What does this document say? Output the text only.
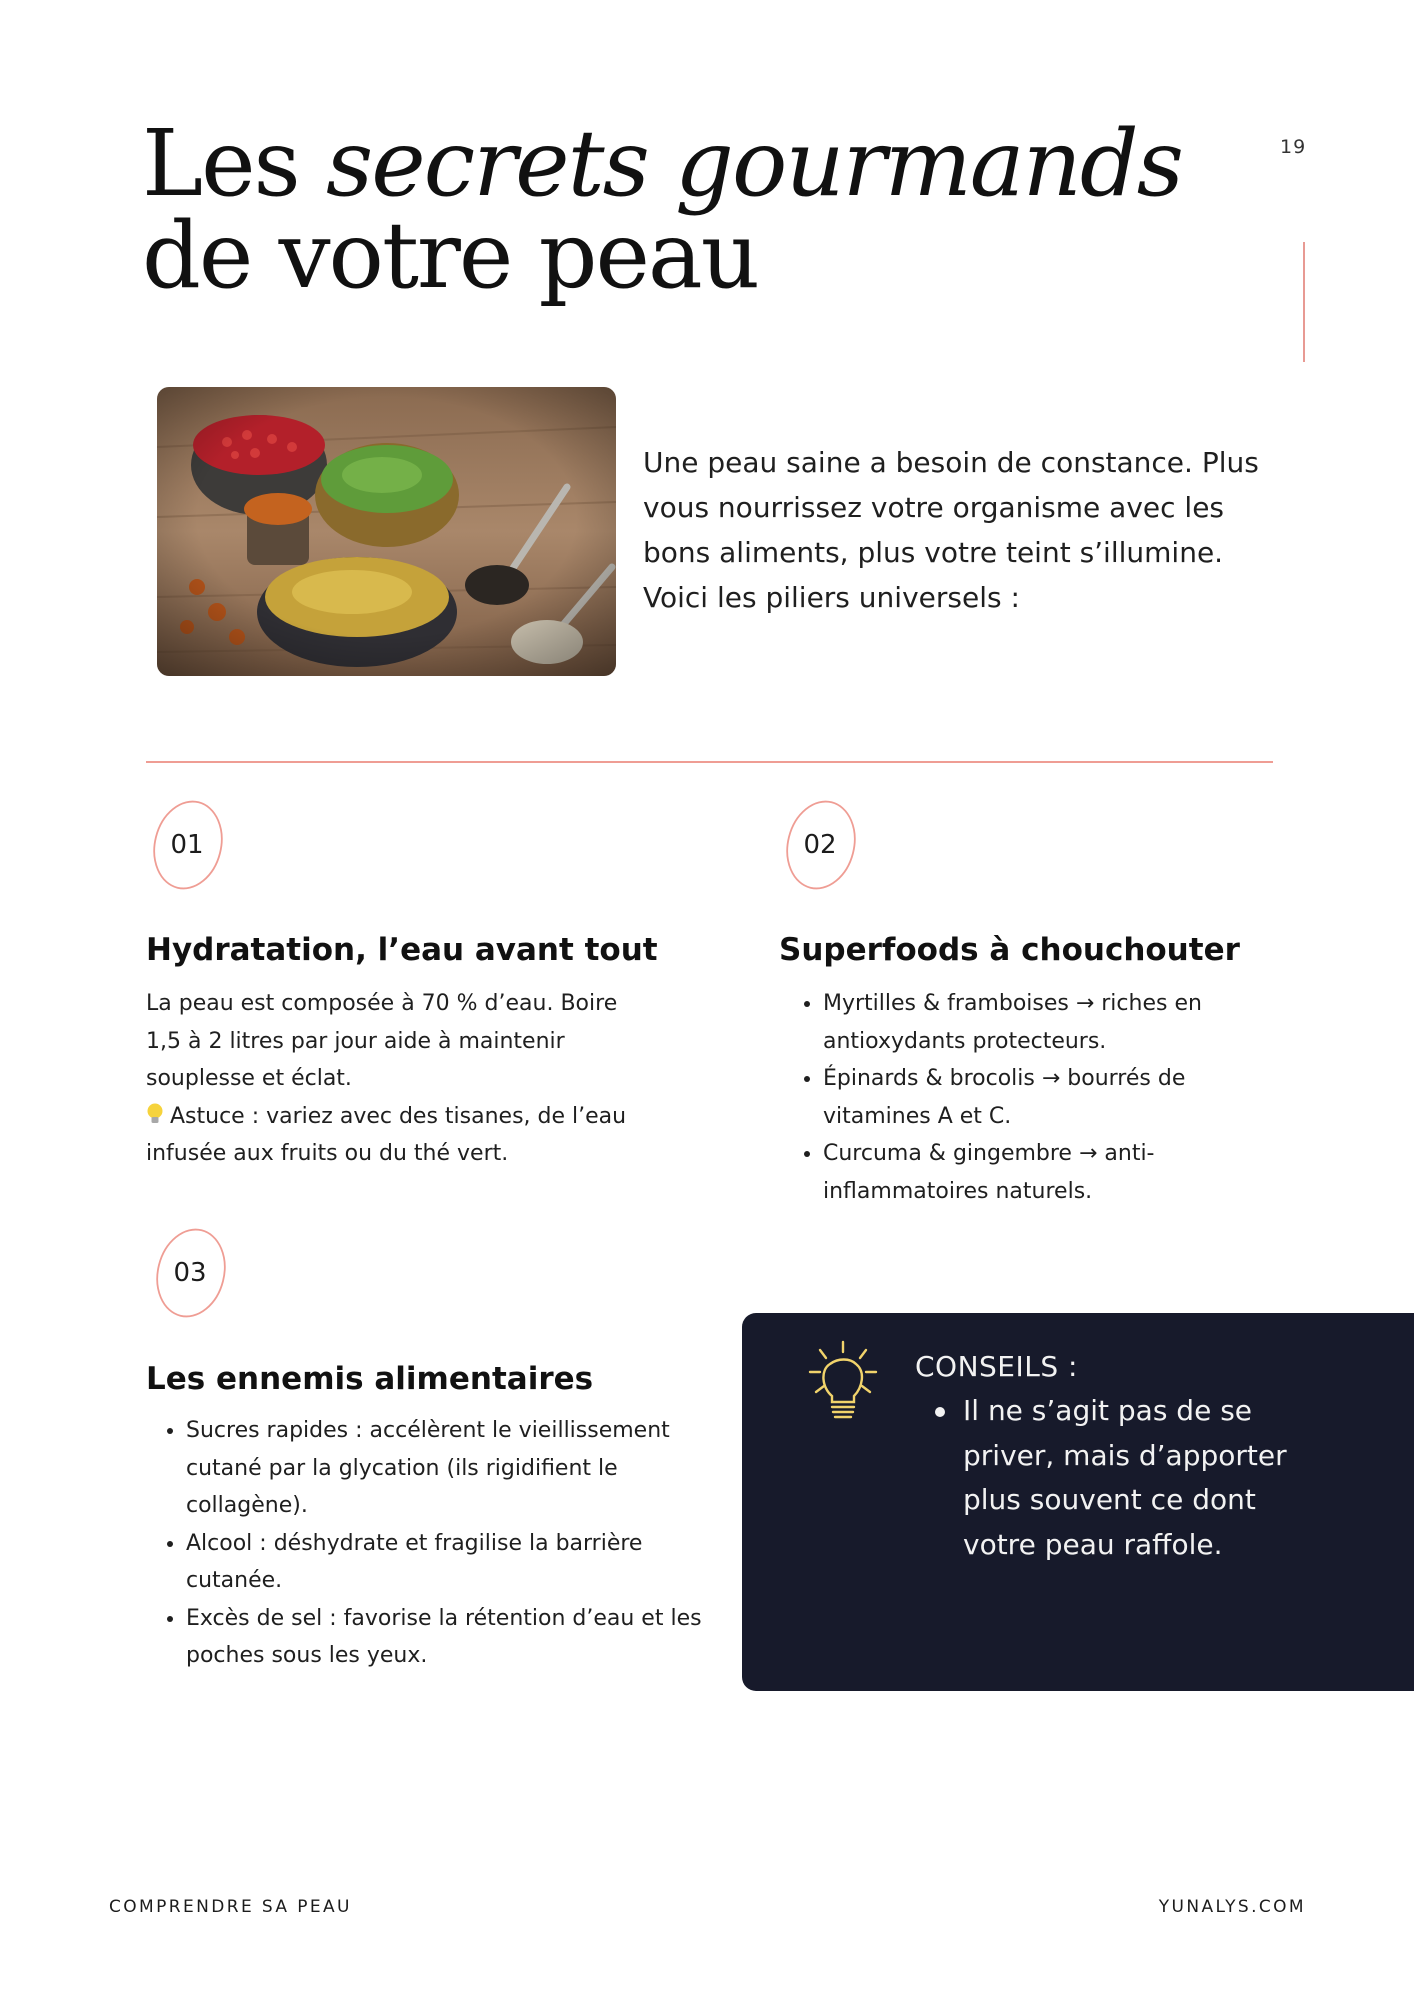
Les secrets gourmands
de votre peau
19
Une peau saine a besoin de constance. Plus vous nourrissez votre organisme avec les bons aliments, plus votre teint s’illumine. Voici les piliers universels :
01
Hydratation, l’eau avant tout
La peau est composée à 70 % d’eau. Boire 1,5 à 2 litres par jour aide à maintenir souplesse et éclat.
Astuce : variez avec des tisanes, de l’eau infusée aux fruits ou du thé vert.
02
Superfoods à chouchouter
• Myrtilles & framboises → riches en antioxydants protecteurs.
• Épinards & brocolis → bourrés de vitamines A et C.
• Curcuma & gingembre → anti-inflammatoires naturels.
03
Les ennemis alimentaires
• Sucres rapides : accélèrent le vieillissement cutané par la glycation (ils rigidifient le collagène).
• Alcool : déshydrate et fragilise la barrière cutanée.
• Excès de sel : favorise la rétention d’eau et les poches sous les yeux.
CONSEILS :
Il ne s’agit pas de se priver, mais d’apporter plus souvent ce dont votre peau raffole.
COMPRENDRE SA PEAU	YUNALYS.COM
